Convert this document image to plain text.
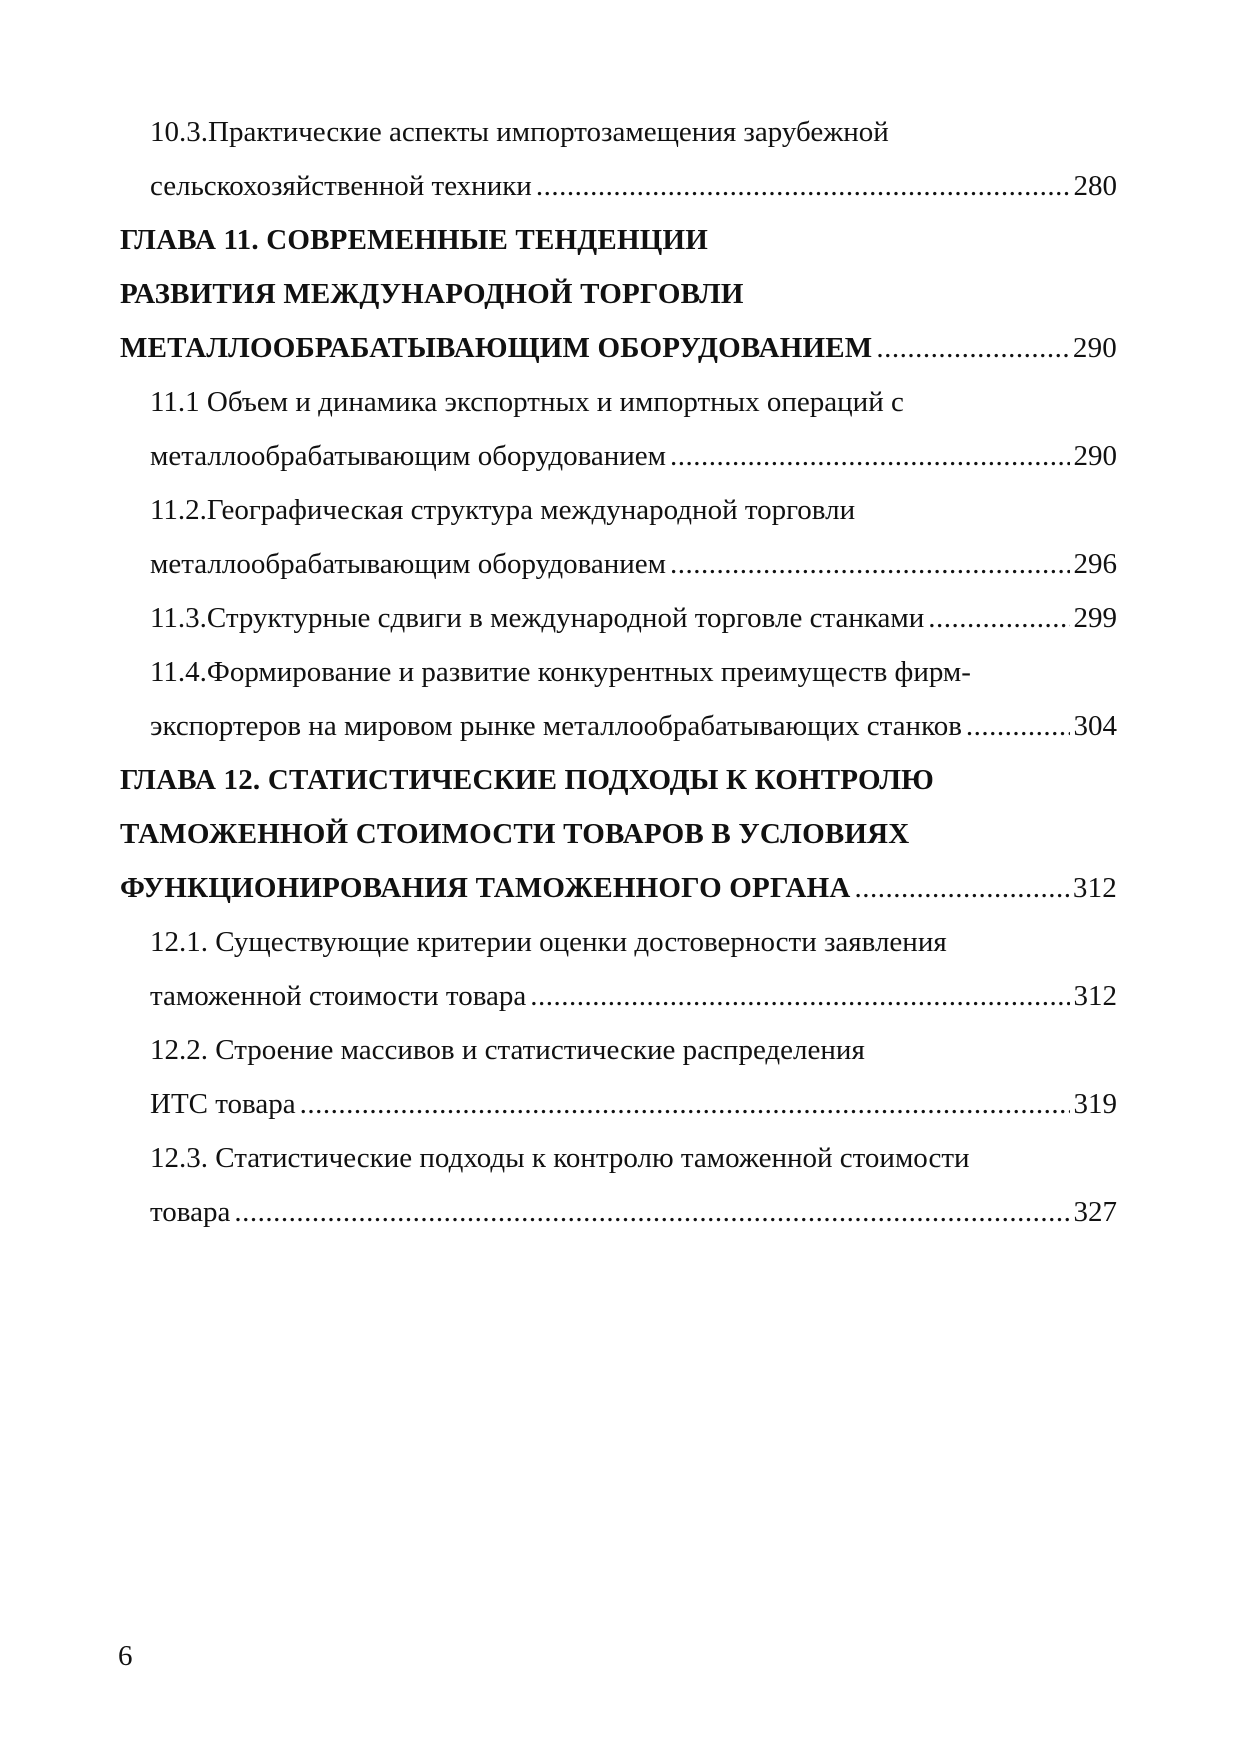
10.3.Практические аспекты импортозамещения зарубежной
сельскохозяйственной техники .....	280
ГЛАВА 11. СОВРЕМЕННЫЕ ТЕНДЕНЦИИ
РАЗВИТИЯ МЕЖДУНАРОДНОЙ ТОРГОВЛИ
МЕТАЛЛООБРАБАТЫВАЮЩИМ ОБОРУДОВАНИЕМ .....	290
11.1 Объем и динамика экспортных и импортных операций с
металлообрабатывающим оборудованием .....	290
11.2.Географическая структура международной торговли
металлообрабатывающим оборудованием .....	296
11.3.Структурные сдвиги в международной торговле станками .....	299
11.4.Формирование и развитие конкурентных преимуществ фирм-
экспортеров на мировом рынке металлообрабатывающих станков .....	304
ГЛАВА 12. СТАТИСТИЧЕСКИЕ ПОДХОДЫ К КОНТРОЛЮ
ТАМОЖЕННОЙ СТОИМОСТИ ТОВАРОВ В УСЛОВИЯХ
ФУНКЦИОНИРОВАНИЯ ТАМОЖЕННОГО ОРГАНА .....	312
12.1. Существующие критерии оценки достоверности заявления
таможенной стоимости товара .....	312
12.2. Строение массивов и статистические распределения
ИТС товара .....	319
12.3. Статистические подходы к контролю таможенной стоимости
товара .....	327
6
